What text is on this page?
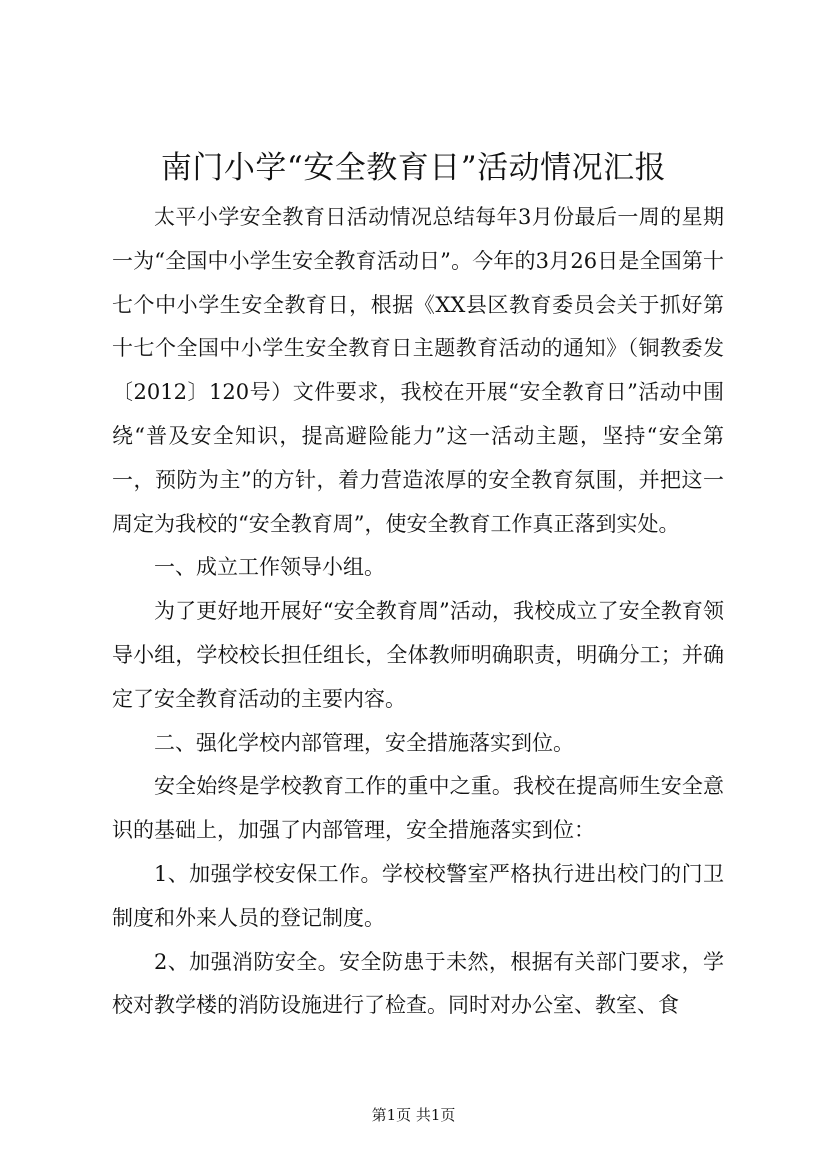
南门小学“安全教育日”活动情况汇报

太平小学安全教育日活动情况总结每年3月份最后一周的星期一为“全国中小学生安全教育活动日”。今年的3月26日是全国第十七个中小学生安全教育日，根据《XX县区教育委员会关于抓好第十七个全国中小学生安全教育日主题教育活动的通知》（铜教委发〔2012〕120号）文件要求，我校在开展“安全教育日”活动中围绕“普及安全知识，提高避险能力”这一活动主题，坚持“安全第一，预防为主”的方针，着力营造浓厚的安全教育氛围，并把这一周定为我校的“安全教育周”，使安全教育工作真正落到实处。

一、成立工作领导小组。

为了更好地开展好“安全教育周”活动，我校成立了安全教育领导小组，学校校长担任组长，全体教师明确职责，明确分工；并确定了安全教育活动的主要内容。

二、强化学校内部管理，安全措施落实到位。

安全始终是学校教育工作的重中之重。我校在提高师生安全意识的基础上，加强了内部管理，安全措施落实到位：

1、加强学校安保工作。学校校警室严格执行进出校门的门卫制度和外来人员的登记制度。

2、加强消防安全。安全防患于未然，根据有关部门要求，学校对教学楼的消防设施进行了检查。同时对办公室、教室、食

第1页 共1页
